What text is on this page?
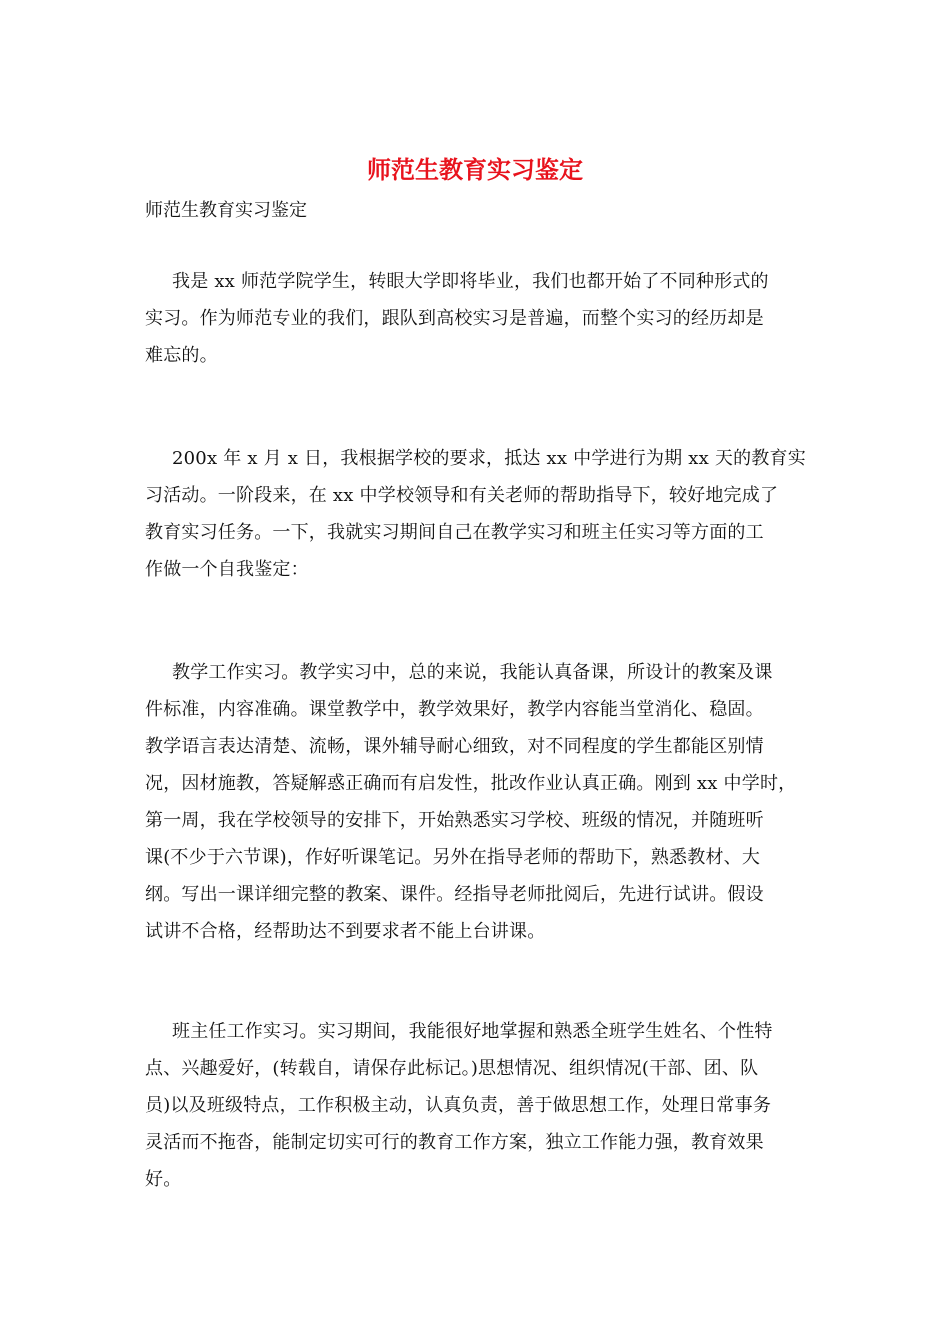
师范生教育实习鉴定

师范生教育实习鉴定

我是 xx 师范学院学生，转眼大学即将毕业，我们也都开始了不同种形式的
实习。作为师范专业的我们，跟队到高校实习是普遍，而整个实习的经历却是
难忘的。
200x 年 x 月 x 日，我根据学校的要求，抵达 xx 中学进行为期 xx 天的教育实
习活动。一阶段来，在 xx 中学校领导和有关老师的帮助指导下，较好地完成了
教育实习任务。一下，我就实习期间自己在教学实习和班主任实习等方面的工
作做一个自我鉴定：
教学工作实习。教学实习中，总的来说，我能认真备课，所设计的教案及课
件标准，内容准确。课堂教学中，教学效果好，教学内容能当堂消化、稳固。
教学语言表达清楚、流畅，课外辅导耐心细致，对不同程度的学生都能区别情
况，因材施教，答疑解惑正确而有启发性，批改作业认真正确。刚到 xx 中学时，
第一周，我在学校领导的安排下，开始熟悉实习学校、班级的情况，并随班听
课(不少于六节课)，作好听课笔记。另外在指导老师的帮助下，熟悉教材、大
纲。写出一课详细完整的教案、课件。经指导老师批阅后，先进行试讲。假设
试讲不合格，经帮助达不到要求者不能上台讲课。
班主任工作实习。实习期间，我能很好地掌握和熟悉全班学生姓名、个性特
点、兴趣爱好，(转载自，请保存此标记。)思想情况、组织情况(干部、团、队
员)以及班级特点，工作积极主动，认真负责，善于做思想工作，处理日常事务
灵活而不拖沓，能制定切实可行的教育工作方案，独立工作能力强，教育效果
好。
